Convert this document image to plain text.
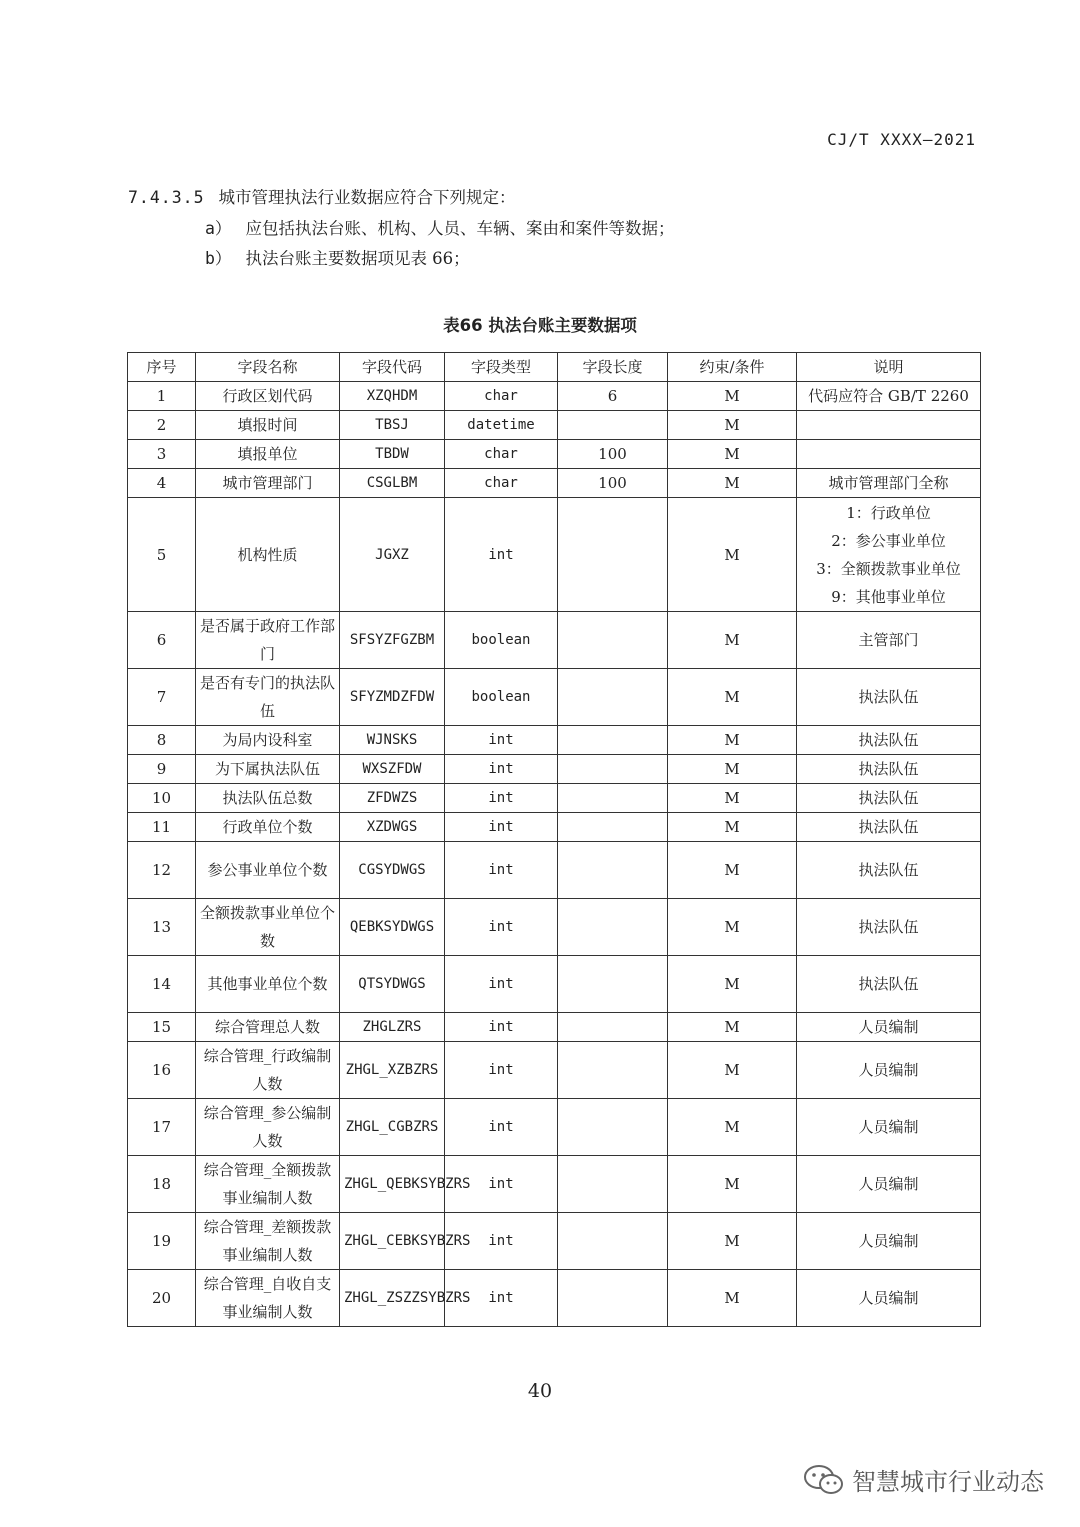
CJ/T XXXX—2021
7.4.3.5 城市管理执法行业数据应符合下列规定：
a） 应包括执法台账、机构、人员、车辆、案由和案件等数据；
b） 执法台账主要数据项见表 66；
表66 执法台账主要数据项
序号	字段名称	字段代码	字段类型	字段长度	约束/条件	说明
1	行政区划代码	XZQHDM	char	6	M	代码应符合 GB/T 2260
2	填报时间	TBSJ	datetime		M	
3	填报单位	TBDW	char	100	M	
4	城市管理部门	CSGLBM	char	100	M	城市管理部门全称
5	机构性质	JGXZ	int		M	1：行政单位
2：参公事业单位
3：全额拨款事业单位
9：其他事业单位
6	是否属于政府工作部门	SFSYZFGZBM	boolean		M	主管部门
7	是否有专门的执法队伍	SFYZMDZFDW	boolean		M	执法队伍
8	为局内设科室	WJNSKS	int		M	执法队伍
9	为下属执法队伍	WXSZFDW	int		M	执法队伍
10	执法队伍总数	ZFDWZS	int		M	执法队伍
11	行政单位个数	XZDWGS	int		M	执法队伍
12	参公事业单位个数	CGSYDWGS	int		M	执法队伍
13	全额拨款事业单位个数	QEBKSYDWGS	int		M	执法队伍
14	其他事业单位个数	QTSYDWGS	int		M	执法队伍
15	综合管理总人数	ZHGLZRS	int		M	人员编制
16	综合管理_行政编制人数	ZHGL_XZBZRS	int		M	人员编制
17	综合管理_参公编制人数	ZHGL_CGBZRS	int		M	人员编制
18	综合管理_全额拨款事业编制人数	ZHGL_QEBKSYBZRS	int		M	人员编制
19	综合管理_差额拨款事业编制人数	ZHGL_CEBKSYBZRS	int		M	人员编制
20	综合管理_自收自支事业编制人数	ZHGL_ZSZZSYBZRS	int		M	人员编制
40
智慧城市行业动态
